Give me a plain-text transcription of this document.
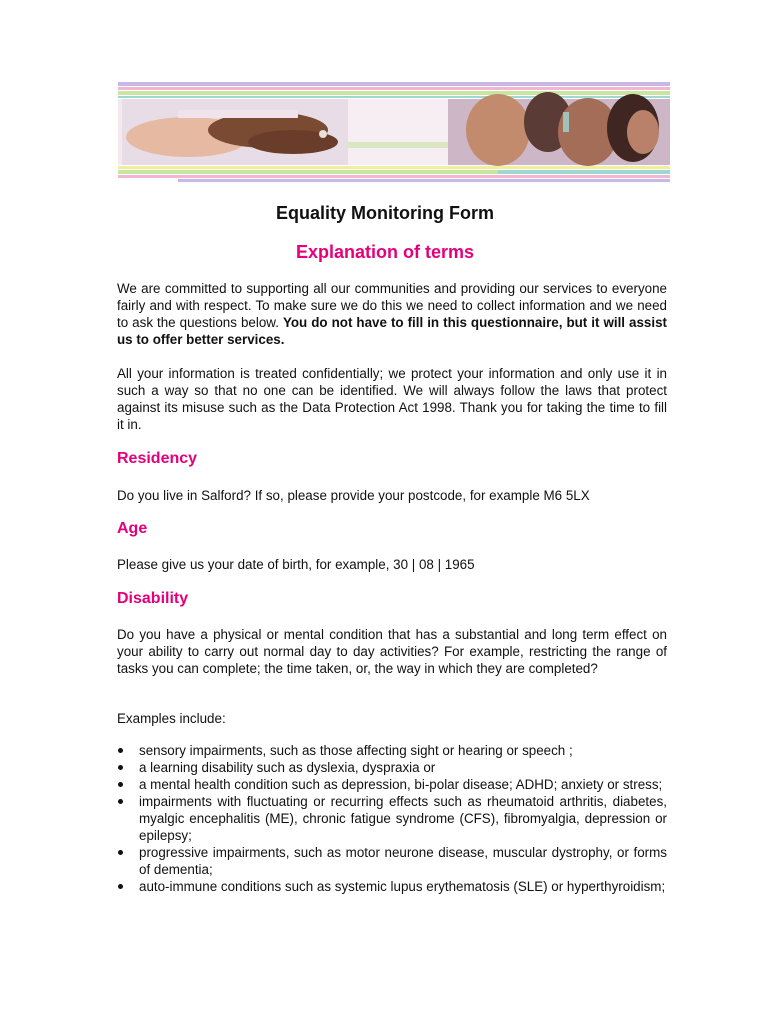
Equality Monitoring Form
Explanation of terms

We are committed to supporting all our communities and providing our services to everyone fairly and with respect. To make sure we do this we need to collect information and we need to ask the questions below. You do not have to fill in this questionnaire, but it will assist us to offer better services.

All your information is treated confidentially; we protect your information and only use it in such a way so that no one can be identified. We will always follow the laws that protect against its misuse such as the Data Protection Act 1998. Thank you for taking the time to fill it in.

Residency

Do you live in Salford? If so, please provide your postcode, for example M6 5LX

Age

Please give us your date of birth, for example, 30 | 08 | 1965

Disability

Do you have a physical or mental condition that has a substantial and long term effect on your ability to carry out normal day to day activities? For example, restricting the range of tasks you can complete; the time taken, or, the way in which they are completed?

Examples include:

sensory impairments, such as those affecting sight or hearing or speech ;
a learning disability such as dyslexia, dyspraxia or
a mental health condition such as depression, bi-polar disease; ADHD; anxiety or stress;
impairments with fluctuating or recurring effects such as rheumatoid arthritis, diabetes, myalgic encephalitis (ME), chronic fatigue syndrome (CFS), fibromyalgia, depression or epilepsy;
progressive impairments, such as motor neurone disease, muscular dystrophy, or forms of dementia;
auto-immune conditions such as systemic lupus erythematosis (SLE) or hyperthyroidism;
